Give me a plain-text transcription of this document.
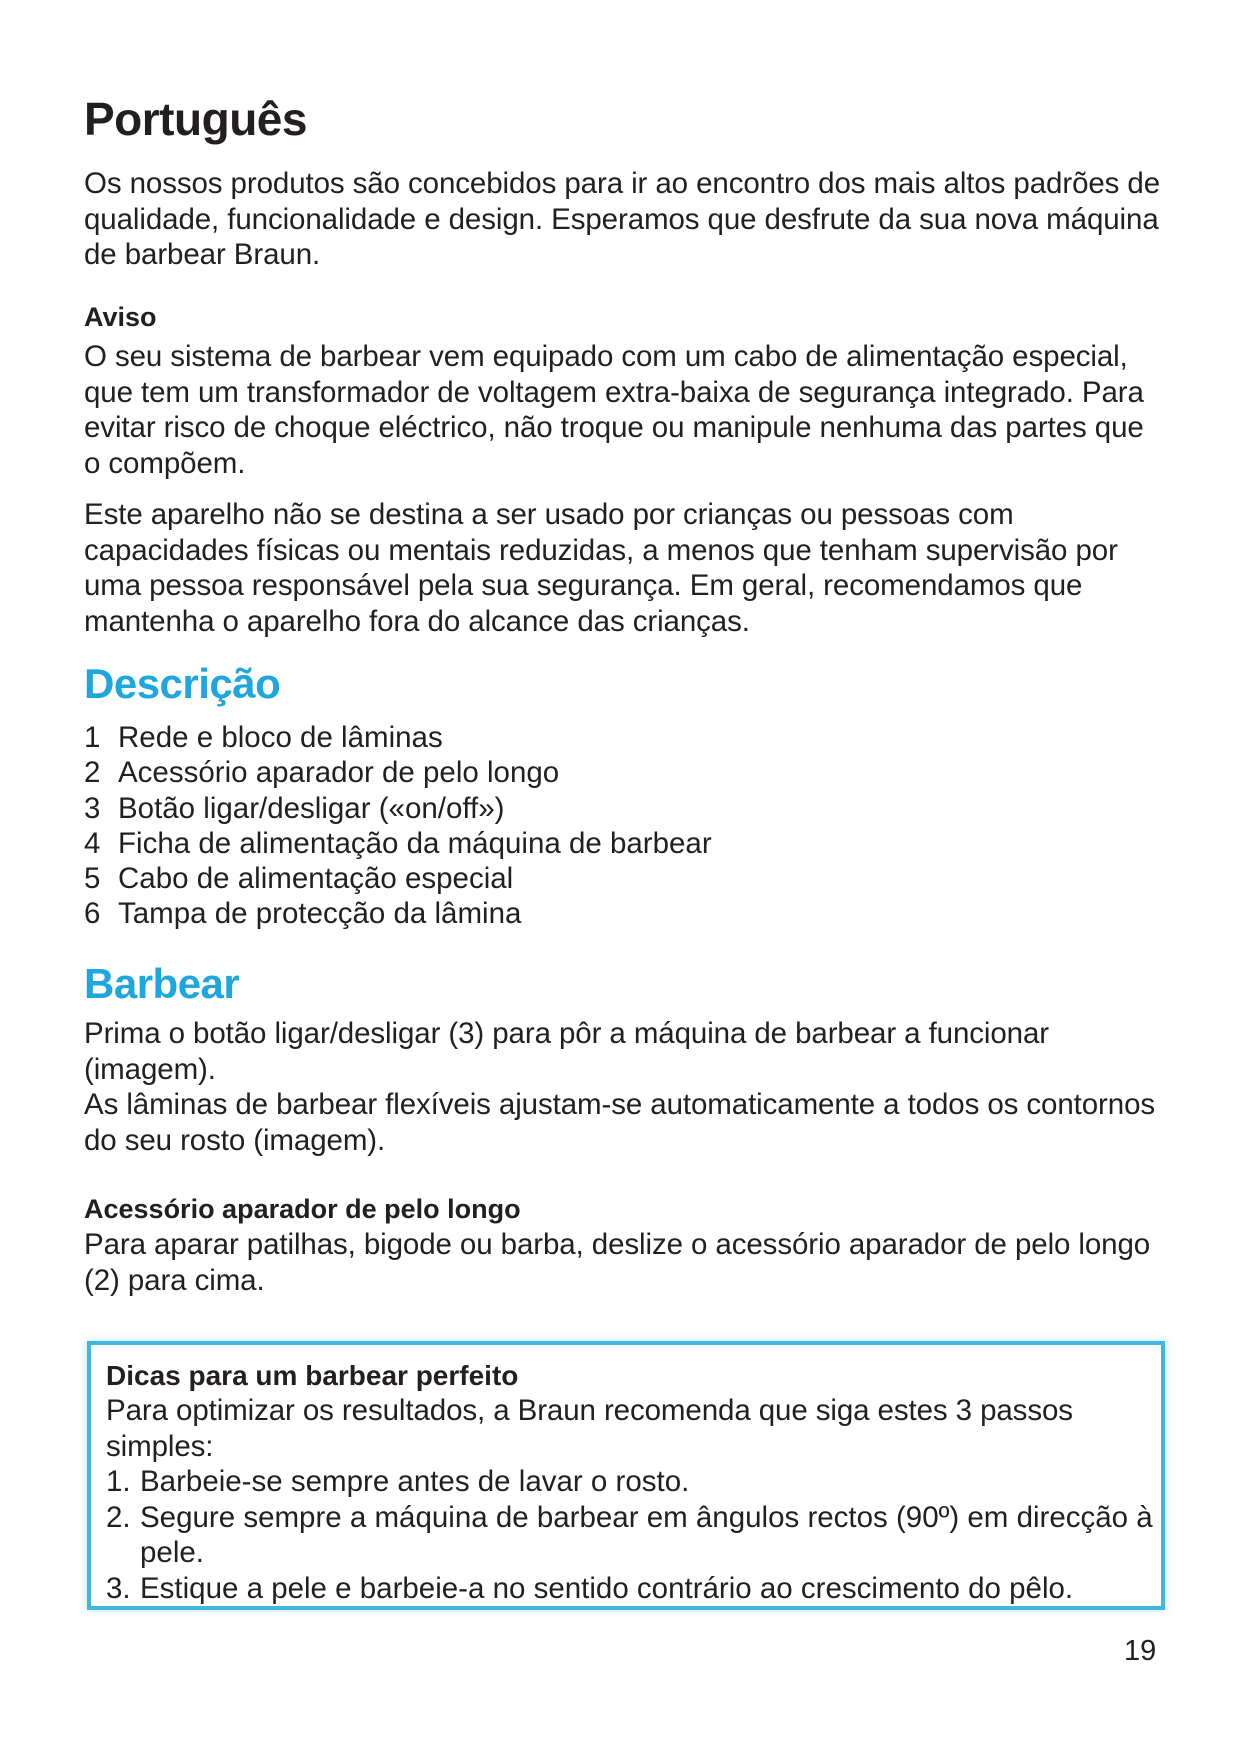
Português

Os nossos produtos são concebidos para ir ao encontro dos mais altos padrões de qualidade, funcionalidade e design. Esperamos que desfrute da sua nova máquina de barbear Braun.

Aviso

O seu sistema de barbear vem equipado com um cabo de alimentação especial, que tem um transformador de voltagem extra-baixa de segurança integrado. Para evitar risco de choque eléctrico, não troque ou manipule nenhuma das partes que o compõem.

Este aparelho não se destina a ser usado por crianças ou pessoas com capacidades físicas ou mentais reduzidas, a menos que tenham supervisão por uma pessoa responsável pela sua segurança. Em geral, recomendamos que mantenha o aparelho fora do alcance das crianças.

Descrição
1 Rede e bloco de lâminas
2 Acessório aparador de pelo longo
3 Botão ligar/desligar («on/off»)
4 Ficha de alimentação da máquina de barbear
5 Cabo de alimentação especial
6 Tampa de protecção da lâmina
Barbear

Prima o botão ligar/desligar (3) para pôr a máquina de barbear a funcionar (imagem).

As lâminas de barbear flexíveis ajustam-se automaticamente a todos os contornos do seu rosto (imagem).

Acessório aparador de pelo longo

Para aparar patilhas, bigode ou barba, deslize o acessório aparador de pelo longo (2) para cima.

Dicas para um barbear perfeito

Para optimizar os resultados, a Braun recomenda que siga estes 3 passos simples:

1. Barbeie-se sempre antes de lavar o rosto.
2. Segure sempre a máquina de barbear em ângulos rectos (90º) em direcção à pele.
3. Estique a pele e barbeie-a no sentido contrário ao crescimento do pêlo.
19
